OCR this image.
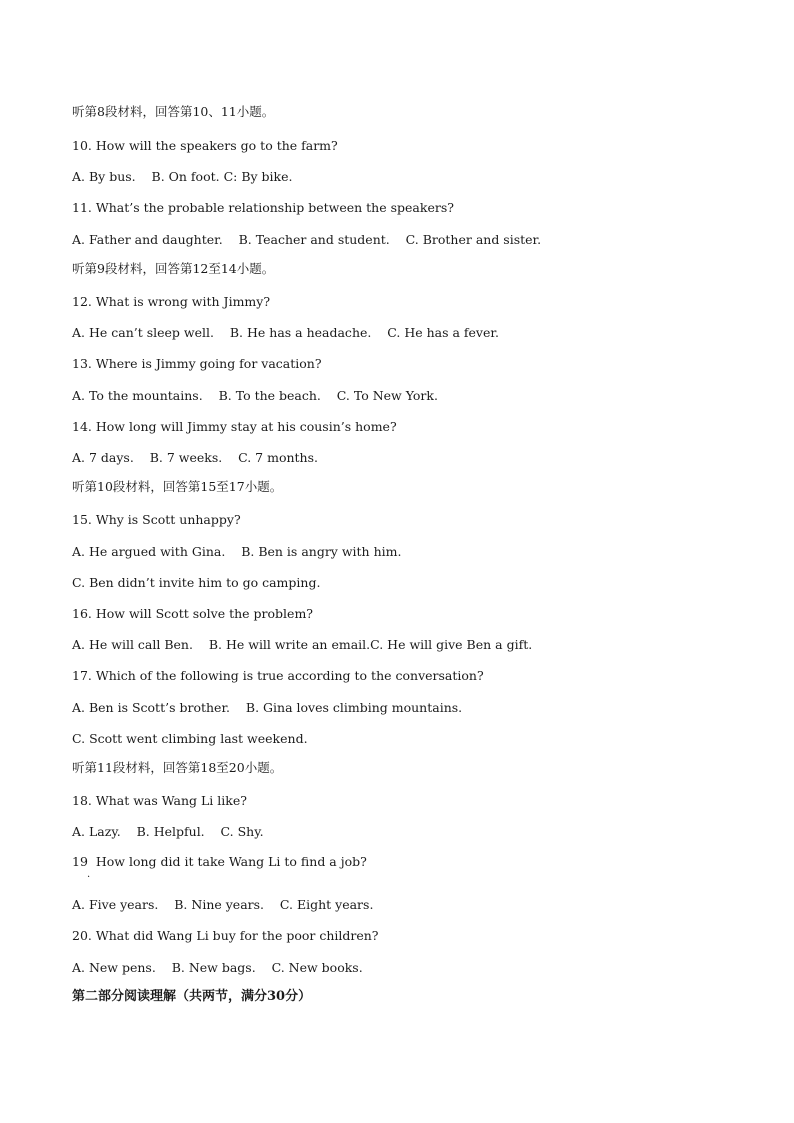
听第8段材料，回答第10、11小题。
10. How will the speakers go to the farm?
A. By bus.    B. On foot. C: By bike.
11. What’s the probable relationship between the speakers?
A. Father and daughter.    B. Teacher and student.    C. Brother and sister.
听第9段材料，回答第12至14小题。
12. What is wrong with Jimmy?
A. He can’t sleep well.    B. He has a headache.    C. He has a fever.
13. Where is Jimmy going for vacation?
A. To the mountains.    B. To the beach.    C. To New York.
14. How long will Jimmy stay at his cousin’s home?
A. 7 days.    B. 7 weeks.    C. 7 months.
听第10段材料，回答第15至17小题。
15. Why is Scott unhappy?
A. He argued with Gina.    B. Ben is angry with him.
C. Ben didn’t invite him to go camping.
16. How will Scott solve the problem?
A. He will call Ben.    B. He will write an email.C. He will give Ben a gift.
17. Which of the following is true according to the conversation?
A. Ben is Scott’s brother.    B. Gina loves climbing mountains.
C. Scott went climbing last weekend.
听第11段材料，回答第18至20小题。
18. What was Wang Li like?
A. Lazy.    B. Helpful.    C. Shy.
19  How long did it take Wang Li to find a job?
.
A. Five years.    B. Nine years.    C. Eight years.
20. What did Wang Li buy for the poor children?
A. New pens.    B. New bags.    C. New books.
第二部分阅读理解（共两节，满分30分）
